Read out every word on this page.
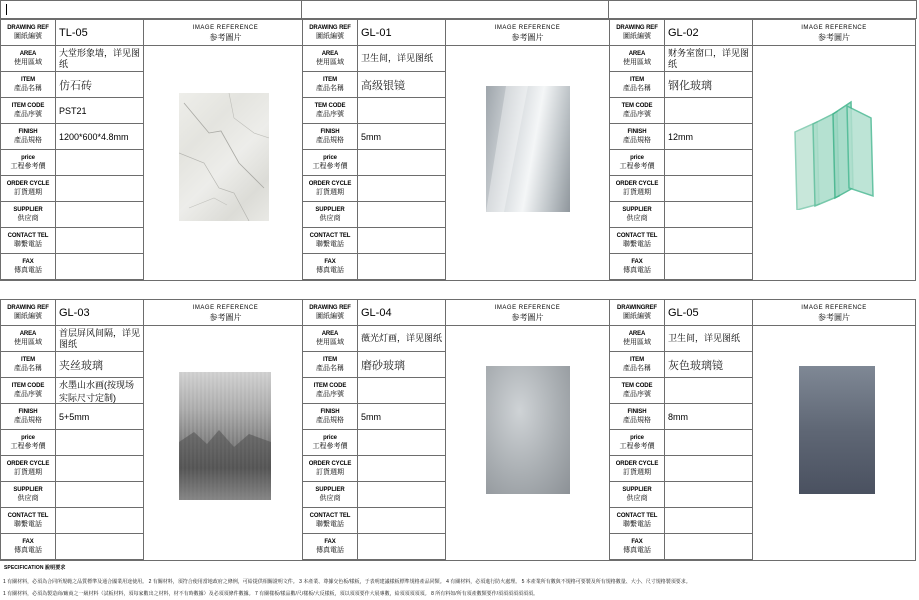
DRAWING REF
圖紙編號
AREA
使用區域
ITEM
產品名稱
ITEM CODE
產品序號
FINISH
產品規格
price
工程參考價
ORDER CYCLE
訂貨週期
SUPPLIER
供应商
CONTACT TEL
聯繫電話
FAX
傳真電話
TL-05
大堂形象墙，详见图纸
仿石砖
PST21
1200*600*4.8mm
IMAGE REFERENCE
参考圖片
DRAWING REF
圖紙編號
AREA
使用區域
ITEM
產品名稱
TEM CODE
產品序號
FINISH
產品規格
price
工程參考價
ORDER CYCLE
訂貨週期
SUPPLIER
供应商
CONTACT TEL
聯繫電話
FAX
傳真電話
GL-01
卫生间，详见图纸
高级银镜
5mm
IMAGE REFERENCE
参考圖片
DRAWING REF
圖紙編號
AREA
使用區域
ITEM
產品名稱
TEM CODE
產品序號
FINISH
產品規格
price
工程參考價
ORDER CYCLE
訂貨週期
SUPPLIER
供应商
CONTACT TEL
聯繫電話
FAX
傳真電話
GL-02
财务室窗口，详见图纸
钢化玻璃
12mm
IMAGE REFERENCE
参考圖片
DRAWING REF
圖紙編號
AREA
使用區域
ITEM
產品名稱
ITEM CODE
產品序號
FINISH
產品規格
price
工程參考價
ORDER CYCLE
訂貨週期
SUPPLIER
供应商
CONTACT TEL
聯繫電話
FAX
傳真電話
GL-03
首层屏风间隔，详见图纸
夹丝玻璃
水墨山水画(按现场实际尺寸定制)
5+5mm
IMAGE REFERENCE
参考圖片
DRAWING REF
圖紙編號
AREA
使用區域
ITEM
產品名稱
ITEM CODE
產品序號
FINISH
產品規格
price
工程參考價
ORDER CYCLE
訂貨週期
SUPPLIER
供应商
CONTACT TEL
聯繫電話
FAX
傳真電話
GL-04
薇光灯画，详见图纸
磨砂玻璃
5mm
IMAGE REFERENCE
参考圖片
DRAWINGREF
圖紙編號
AREA
使用區域
ITEM
產品名稱
TEM CODE
產品序號
FINISH
產品規格
price
工程參考價
ORDER CYCLE
訂貨週期
SUPPLIER
供应商
CONTACT TEL
聯繫電話
FAX
傳真電話
GL-05
卫生间，详见图纸
灰色玻璃镜
8mm
IMAGE REFERENCE
参考圖片
SPECIFICATION 說明要求
1 有關材料，必須為合同所規範之品質標準及通合國業用途使用。 2 有關材料，須符合使用當地政府之條例，可給提供相關證明文件。 3 本產業、尊據交色板/樣板，于表明建議樣板標準規格產品同類。 4 有關材料，必須進行防火處理。 5 本產業所有數與不規格可要製及所有規格數量、大小、尺寸規格製須要求。
1 有關材料，必須為製造商/廠商之一級材料（試板材料，須每家數出之材料，材不有時數據）及必須須條件數據。 7 有關樣板/樣品數/尺/樣板/大反樣板，須以須須要作大展專數，給須須須須須。 8 所有料如/所有須產數類要作/須須須須須須須。
